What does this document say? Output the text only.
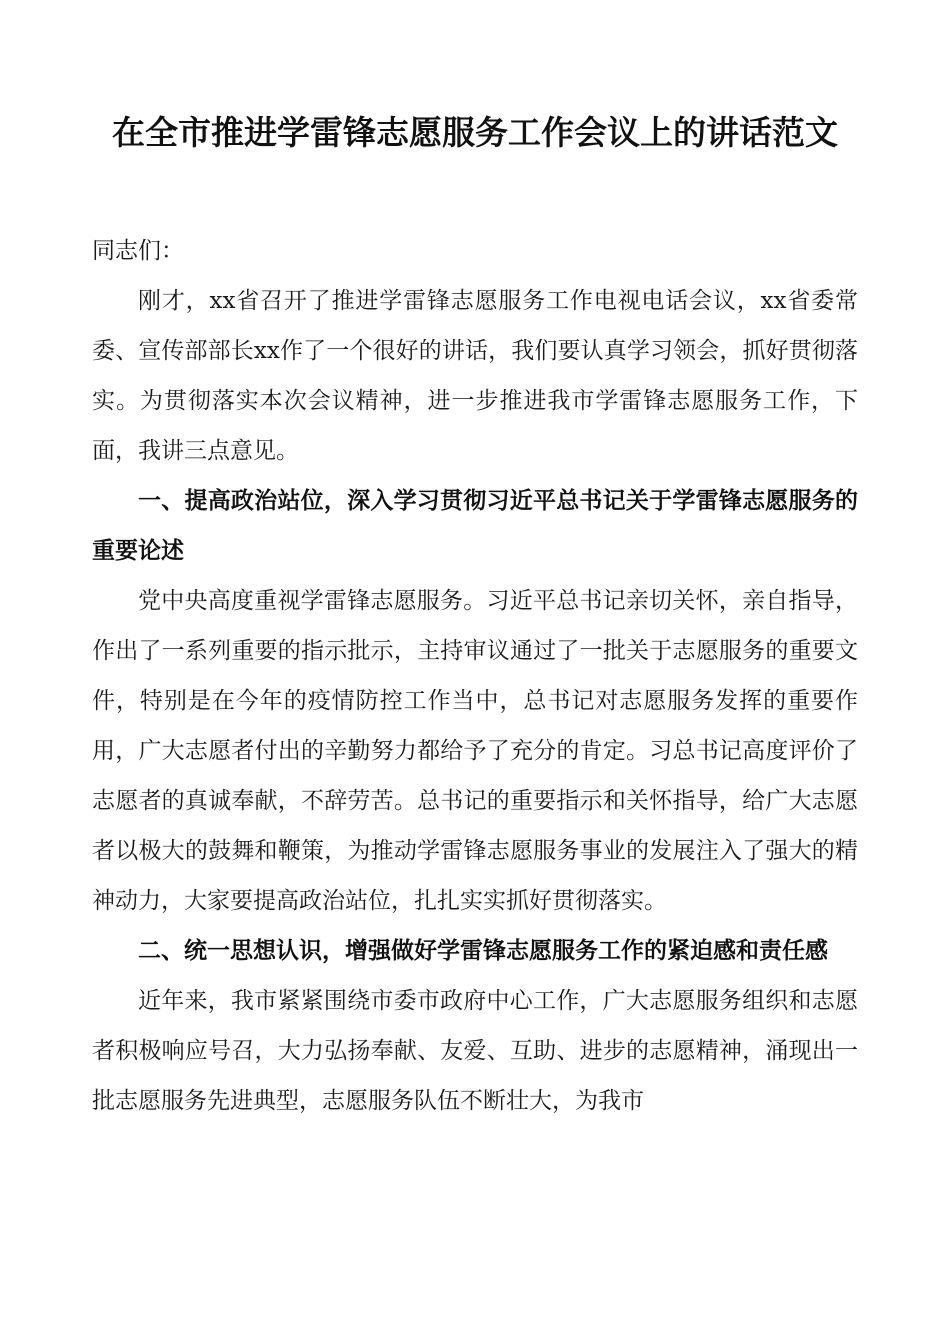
在全市推进学雷锋志愿服务工作会议上的讲话范文

同志们：

刚才，xx省召开了推进学雷锋志愿服务工作电视电话会议，xx省委常委、宣传部部长xx作了一个很好的讲话，我们要认真学习领会，抓好贯彻落实。为贯彻落实本次会议精神，进一步推进我市学雷锋志愿服务工作，下面，我讲三点意见。

一、提高政治站位，深入学习贯彻习近平总书记关于学雷锋志愿服务的重要论述

党中央高度重视学雷锋志愿服务。习近平总书记亲切关怀，亲自指导，作出了一系列重要的指示批示，主持审议通过了一批关于志愿服务的重要文件，特别是在今年的疫情防控工作当中，总书记对志愿服务发挥的重要作用，广大志愿者付出的辛勤努力都给予了充分的肯定。习总书记高度评价了志愿者的真诚奉献，不辞劳苦。总书记的重要指示和关怀指导，给广大志愿者以极大的鼓舞和鞭策，为推动学雷锋志愿服务事业的发展注入了强大的精神动力，大家要提高政治站位，扎扎实实抓好贯彻落实。

二、统一思想认识，增强做好学雷锋志愿服务工作的紧迫感和责任感

近年来，我市紧紧围绕市委市政府中心工作，广大志愿服务组织和志愿者积极响应号召，大力弘扬奉献、友爱、互助、进步的志愿精神，涌现出一批志愿服务先进典型，志愿服务队伍不断壮大，为我市
